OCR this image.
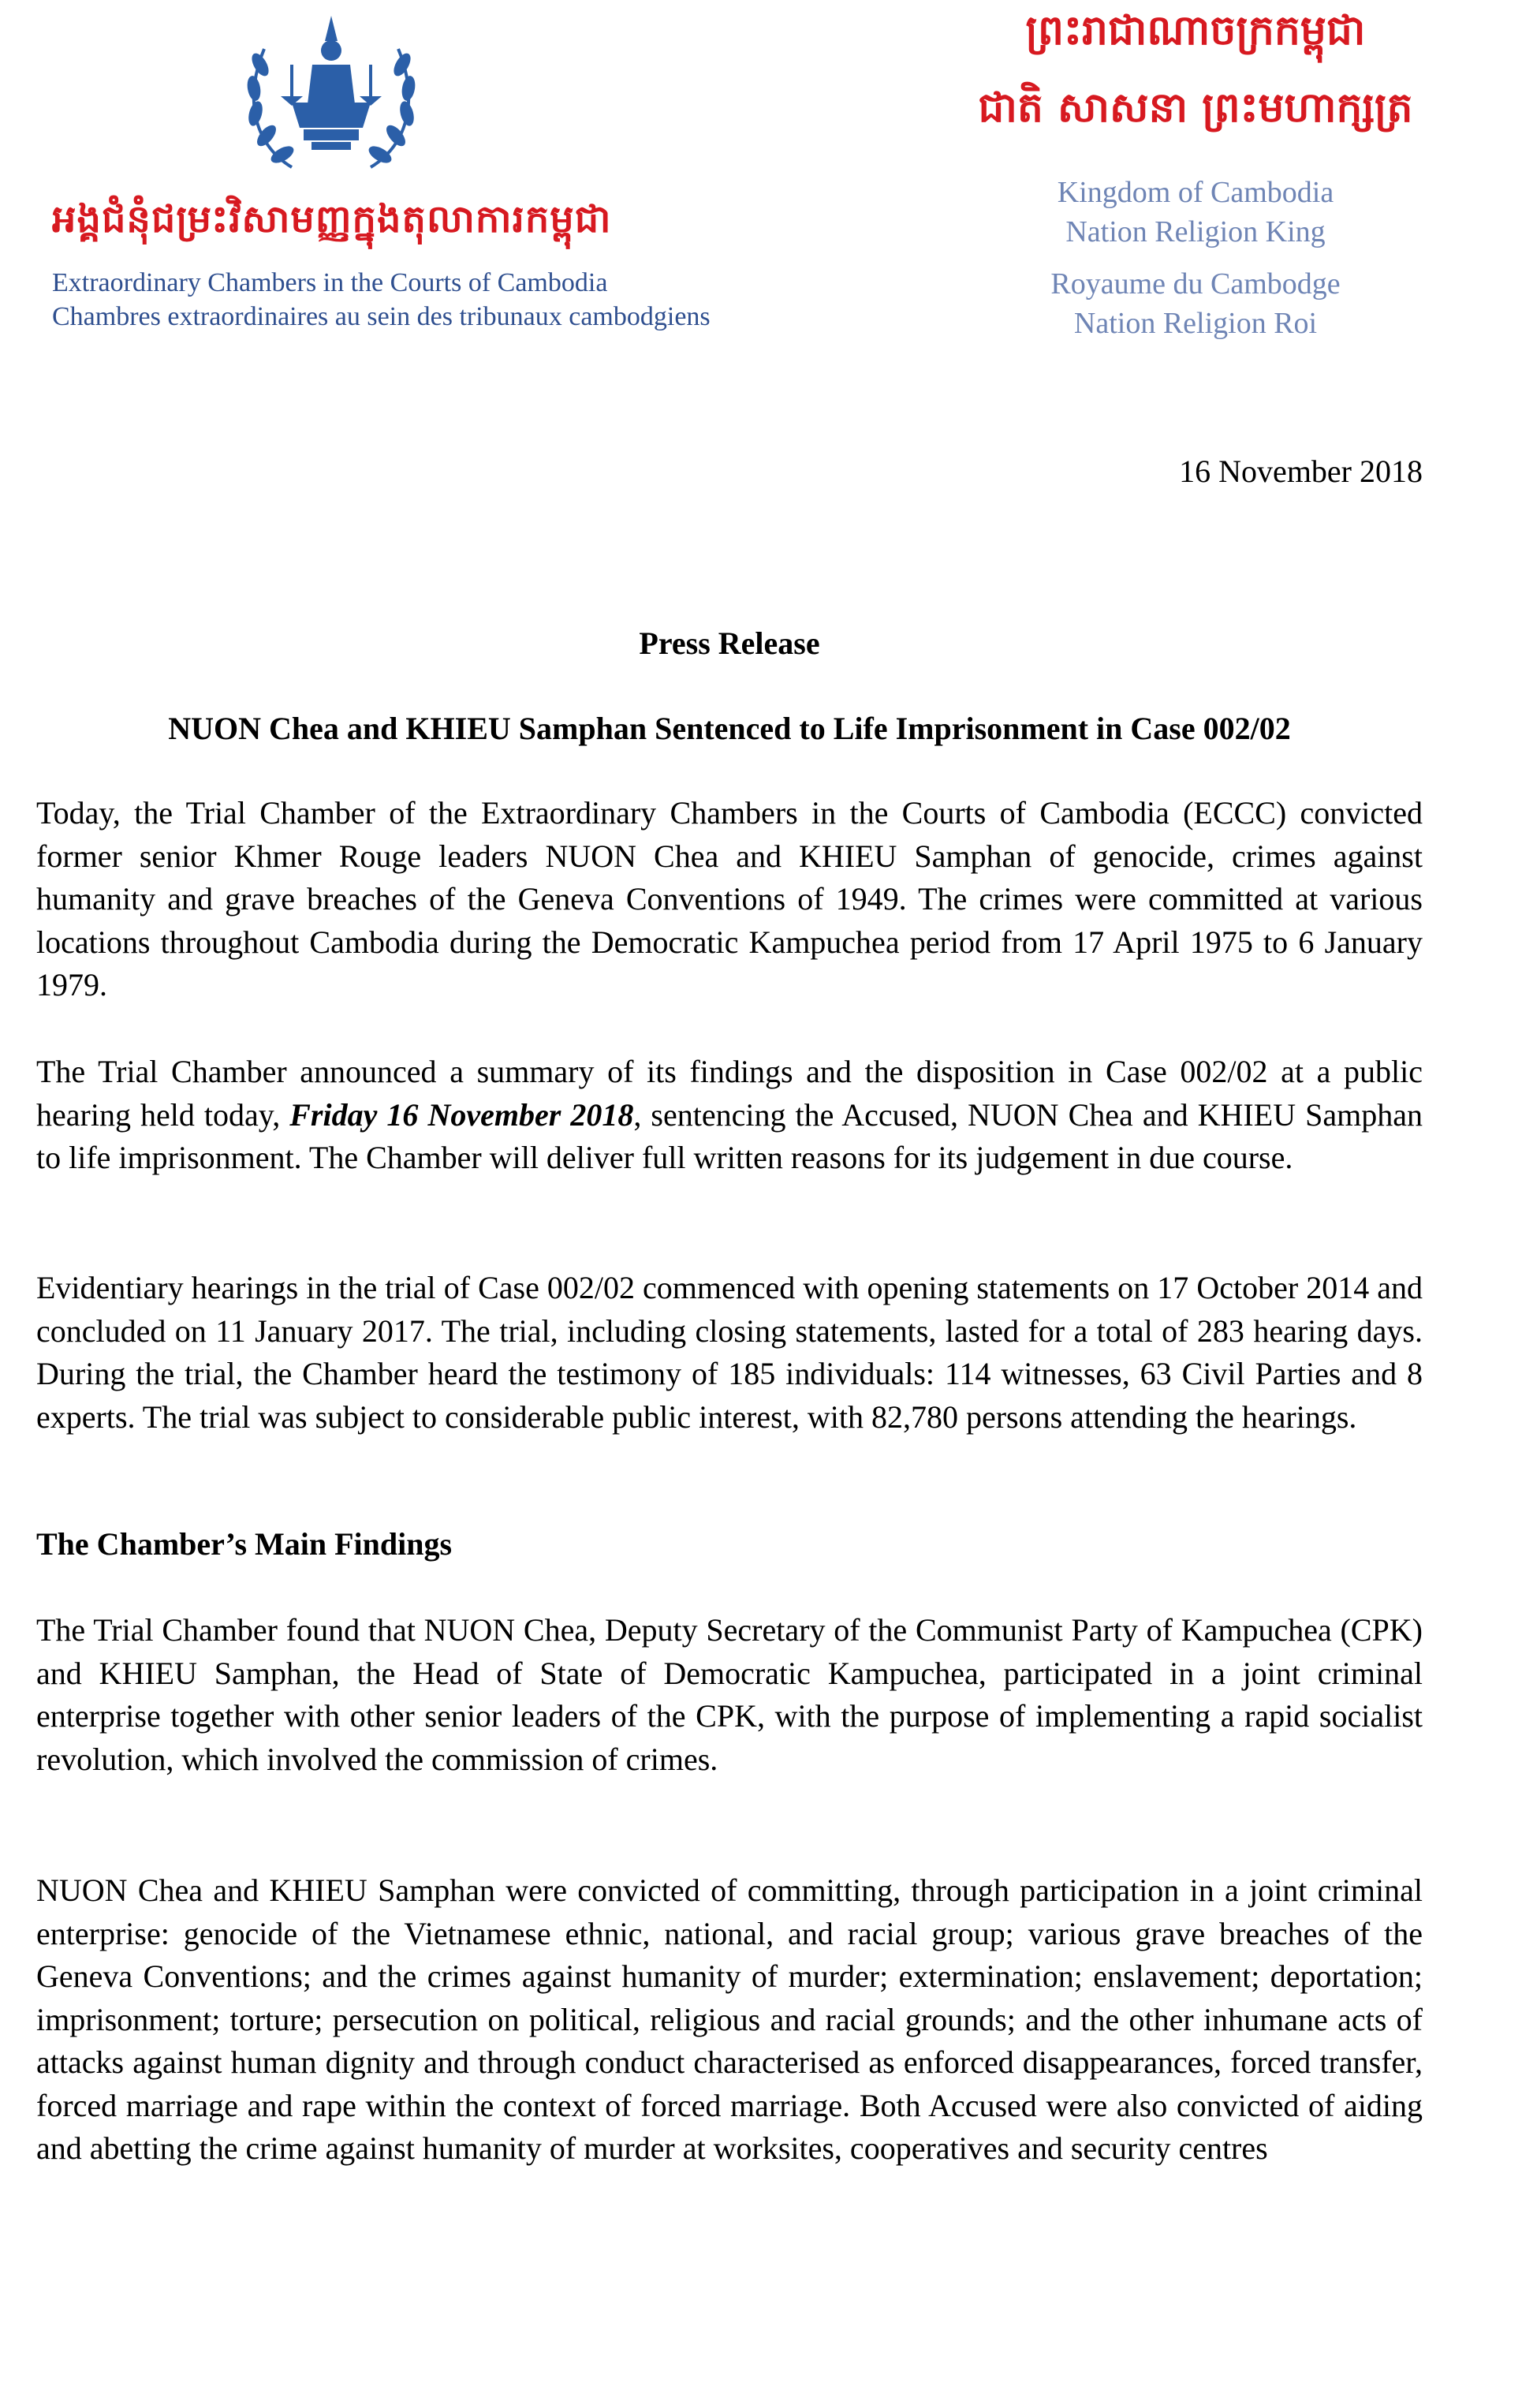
អង្គជំនុំជម្រះវិសាមញ្ញក្នុងតុលាការកម្ពុជា
Extraordinary Chambers in the Courts of Cambodia
Chambres extraordinaires au sein des tribunaux cambodgiens
ព្រះរាជាណាចក្រកម្ពុជា
ជាតិ សាសនា ព្រះមហាក្សត្រ
Kingdom of Cambodia
Nation Religion King
Royaume du Cambodge
Nation Religion Roi
16 November 2018
Press Release
NUON Chea and KHIEU Samphan Sentenced to Life Imprisonment in Case 002/02

Today, the Trial Chamber of the Extraordinary Chambers in the Courts of Cambodia (ECCC) convicted former senior Khmer Rouge leaders NUON Chea and KHIEU Samphan of genocide, crimes against humanity and grave breaches of the Geneva Conventions of 1949. The crimes were committed at various locations throughout Cambodia during the Democratic Kampuchea period from 17 April 1975 to 6 January 1979.

The Trial Chamber announced a summary of its findings and the disposition in Case 002/02 at a public hearing held today, Friday 16 November 2018, sentencing the Accused, NUON Chea and KHIEU Samphan to life imprisonment. The Chamber will deliver full written reasons for its judgement in due course.

Evidentiary hearings in the trial of Case 002/02 commenced with opening statements on 17 October 2014 and concluded on 11 January 2017. The trial, including closing statements, lasted for a total of 283 hearing days. During the trial, the Chamber heard the testimony of 185 individuals: 114 witnesses, 63 Civil Parties and 8 experts. The trial was subject to considerable public interest, with 82,780 persons attending the hearings.

The Chamber’s Main Findings

The Trial Chamber found that NUON Chea, Deputy Secretary of the Communist Party of Kampuchea (CPK) and KHIEU Samphan, the Head of State of Democratic Kampuchea, participated in a joint criminal enterprise together with other senior leaders of the CPK, with the purpose of implementing a rapid socialist revolution, which involved the commission of crimes.

NUON Chea and KHIEU Samphan were convicted of committing, through participation in a joint criminal enterprise: genocide of the Vietnamese ethnic, national, and racial group; various grave breaches of the Geneva Conventions; and the crimes against humanity of murder; extermination; enslavement; deportation; imprisonment; torture; persecution on political, religious and racial grounds; and the other inhumane acts of attacks against human dignity and through conduct characterised as enforced disappearances, forced transfer, forced marriage and rape within the context of forced marriage. Both Accused were also convicted of aiding and abetting the crime against humanity of murder at worksites, cooperatives and security centres
